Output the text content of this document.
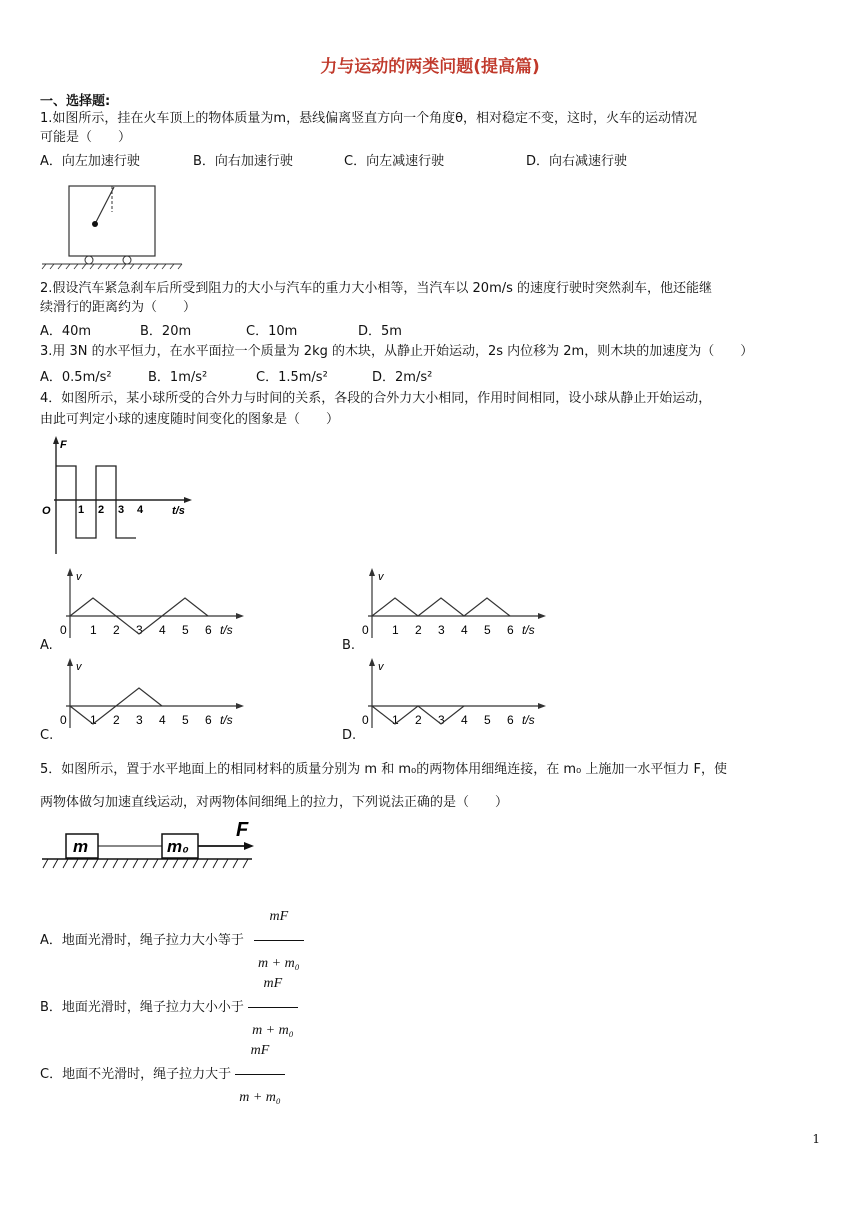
力与运动的两类问题(提高篇)
一、选择题:
1.如图所示，挂在火车顶上的物体质量为m，悬线偏离竖直方向一个角度θ，相对稳定不变，这时，火车的运动情况
可能是（　　）
A．向左加速行驶	B．向右加速行驶	C．向左减速行驶	D．向右减速行驶
2.假设汽车紧急刹车后所受到阻力的大小与汽车的重力大小相等，当汽车以 20m/s 的速度行驶时突然刹车，他还能继
续滑行的距离约为（　　）
A．40m	B．20m	C．10m	D．5m
3.用 3N 的水平恒力，在水平面拉一个质量为 2kg 的木块，从静止开始运动，2s 内位移为 2m，则木块的加速度为（　　）
A．0.5m/s²	B．1m/s²	C．1.5m/s²	D．2m/s²
4．如图所示，某小球所受的合外力与时间的关系，各段的合外力大小相同，作用时间相同，设小球从静止开始运动，
由此可判定小球的速度随时间变化的图象是（　　）
F
O	t/s
1 2 3 4
A.	B.
C.	D.
v
t/s
0 1 2 3 4 5 6
v
t/s
0 1 2 3 4 5 6
v
t/s
0 1 2 3 4 5 6
v
t/s
0 1 2 3 4 5 6
5．如图所示，置于水平地面上的相同材料的质量分别为 m 和 m₀的两物体用细绳连接，在 m₀ 上施加一水平恒力 F，使
两物体做匀加速直线运动，对两物体间细绳上的拉力，下列说法正确的是（　　）
m	m₀
F
A．地面光滑时，绳子拉力大小等于 $\frac{mF}{\text{m + m₀}}$
B．地面光滑时，绳子拉力大小小于 $\frac{mF}{\text{m + m₀}}$
C．地面不光滑时，绳子拉力大于 $\frac{mF}{\text{m + m₀}}$
1
